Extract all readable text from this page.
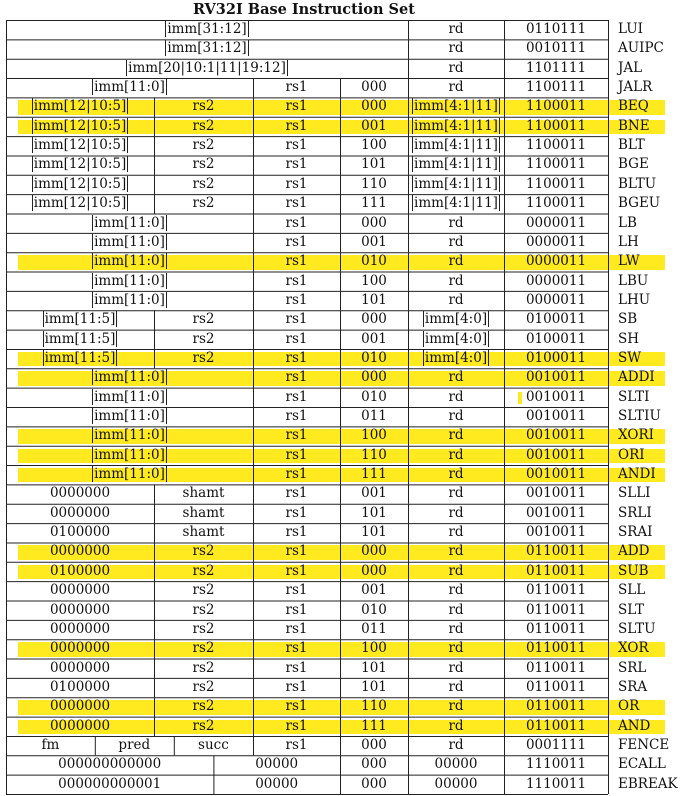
RV32I Base Instruction Set
imm[31:12]	rd	0110111	LUI
imm[31:12]	rd	0010111	AUIPC
imm[20|10:1|11|19:12]	rd	1101111	JAL
imm[11:0]	rs1	000	rd	1100111	JALR
imm[12|10:5]	rs2	rs1	000	imm[4:1|11]	1100011	BEQ
imm[12|10:5]	rs2	rs1	001	imm[4:1|11]	1100011	BNE
imm[12|10:5]	rs2	rs1	100	imm[4:1|11]	1100011	BLT
imm[12|10:5]	rs2	rs1	101	imm[4:1|11]	1100011	BGE
imm[12|10:5]	rs2	rs1	110	imm[4:1|11]	1100011	BLTU
imm[12|10:5]	rs2	rs1	111	imm[4:1|11]	1100011	BGEU
imm[11:0]	rs1	000	rd	0000011	LB
imm[11:0]	rs1	001	rd	0000011	LH
imm[11:0]	rs1	010	rd	0000011	LW
imm[11:0]	rs1	100	rd	0000011	LBU
imm[11:0]	rs1	101	rd	0000011	LHU
imm[11:5]	rs2	rs1	000	imm[4:0]	0100011	SB
imm[11:5]	rs2	rs1	001	imm[4:0]	0100011	SH
imm[11:5]	rs2	rs1	010	imm[4:0]	0100011	SW
imm[11:0]	rs1	000	rd	0010011	ADDI
imm[11:0]	rs1	010	rd	0010011	SLTI
imm[11:0]	rs1	011	rd	0010011	SLTIU
imm[11:0]	rs1	100	rd	0010011	XORI
imm[11:0]	rs1	110	rd	0010011	ORI
imm[11:0]	rs1	111	rd	0010011	ANDI
0000000	shamt	rs1	001	rd	0010011	SLLI
0000000	shamt	rs1	101	rd	0010011	SRLI
0100000	shamt	rs1	101	rd	0010011	SRAI
0000000	rs2	rs1	000	rd	0110011	ADD
0100000	rs2	rs1	000	rd	0110011	SUB
0000000	rs2	rs1	001	rd	0110011	SLL
0000000	rs2	rs1	010	rd	0110011	SLT
0000000	rs2	rs1	011	rd	0110011	SLTU
0000000	rs2	rs1	100	rd	0110011	XOR
0000000	rs2	rs1	101	rd	0110011	SRL
0100000	rs2	rs1	101	rd	0110011	SRA
0000000	rs2	rs1	110	rd	0110011	OR
0000000	rs2	rs1	111	rd	0110011	AND
fm	pred	succ	rs1	000	rd	0001111	FENCE
000000000000	00000	000	00000	1110011	ECALL
000000000001	00000	000	00000	1110011	EBREAK
